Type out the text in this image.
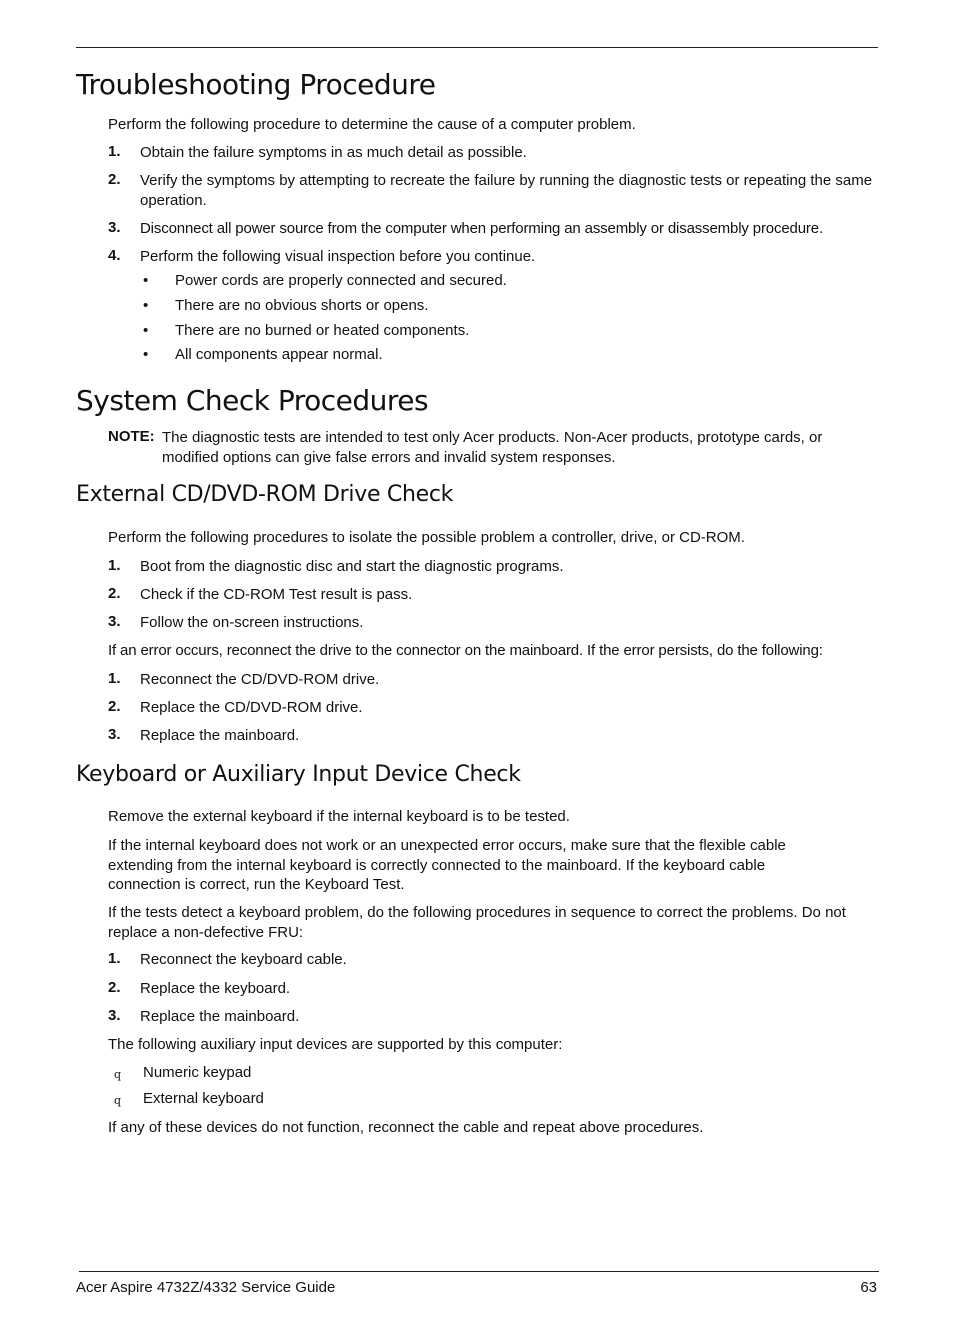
Troubleshooting Procedure

Perform the following procedure to determine the cause of a computer problem.

1. Obtain the failure symptoms in as much detail as possible.
2. Verify the symptoms by attempting to recreate the failure by running the diagnostic tests or repeating the same operation.
3. Disconnect all power source from the computer when performing an assembly or disassembly procedure.
4. Perform the following visual inspection before you continue.
• Power cords are properly connected and secured.
• There are no obvious shorts or opens.
• There are no burned or heated components.
• All components appear normal.
System Check Procedures
NOTE: The diagnostic tests are intended to test only Acer products. Non-Acer products, prototype cards, or modified options can give false errors and invalid system responses.
External CD/DVD-ROM Drive Check

Perform the following procedures to isolate the possible problem a controller, drive, or CD-ROM.

1. Boot from the diagnostic disc and start the diagnostic programs.
2. Check if the CD-ROM Test result is pass.
3. Follow the on-screen instructions.

If an error occurs, reconnect the drive to the connector on the mainboard. If the error persists, do the following:

1. Reconnect the CD/DVD-ROM drive.
2. Replace the CD/DVD-ROM drive.
3. Replace the mainboard.
Keyboard or Auxiliary Input Device Check

Remove the external keyboard if the internal keyboard is to be tested.

If the internal keyboard does not work or an unexpected error occurs, make sure that the flexible cable extending from the internal keyboard is correctly connected to the mainboard. If the keyboard cable connection is correct, run the Keyboard Test.

If the tests detect a keyboard problem, do the following procedures in sequence to correct the problems. Do not replace a non-defective FRU:

1. Reconnect the keyboard cable.
2. Replace the keyboard.
3. Replace the mainboard.

The following auxiliary input devices are supported by this computer:

q Numeric keypad
q External keyboard

If any of these devices do not function, reconnect the cable and repeat above procedures.

Acer Aspire 4732Z/4332 Service Guide	63
